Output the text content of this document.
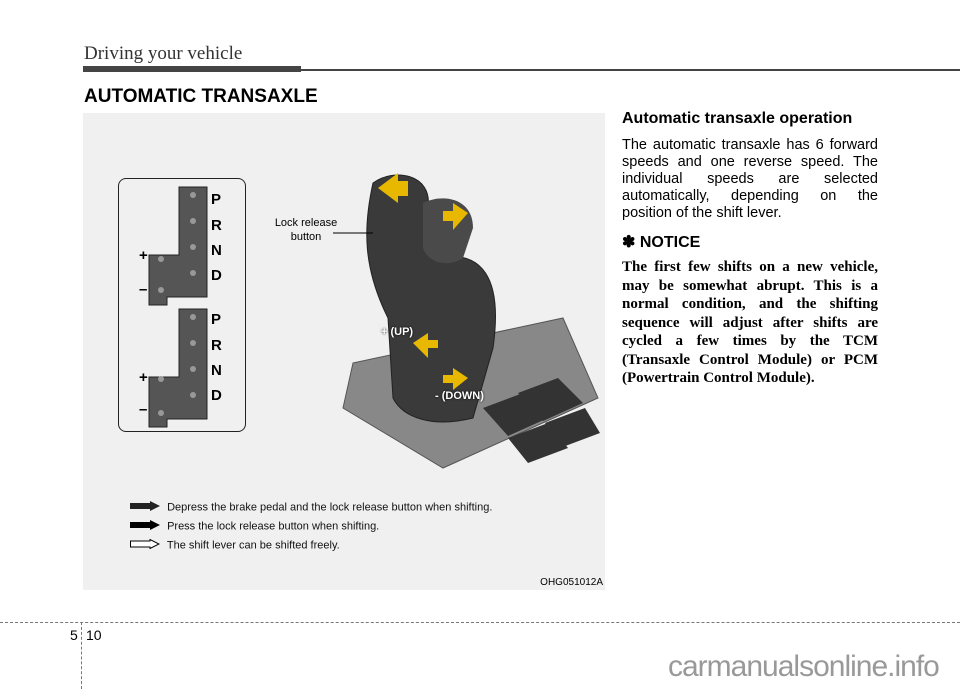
Driving your vehicle
AUTOMATIC TRANSAXLE
P
R
N
D
+
–
P
R
N
D
+
–
Lock release button
+ (UP)
- (DOWN)
Depress the brake pedal and the lock release button when shifting.
Press the lock release button when shifting.
The shift lever can be shifted freely.
OHG051012A
Automatic transaxle operation
The automatic transaxle has 6 forward speeds and one reverse speed. The individual speeds are selected automatically, depending on the position of the shift lever.
✽ NOTICE
The first few shifts on a new vehicle, may be somewhat abrupt. This is a normal condition, and the shifting sequence will adjust after shifts are cycled a few times by the TCM (Transaxle Control Module) or PCM (Powertrain Control Module).
5 10
carmanualsonline.info
